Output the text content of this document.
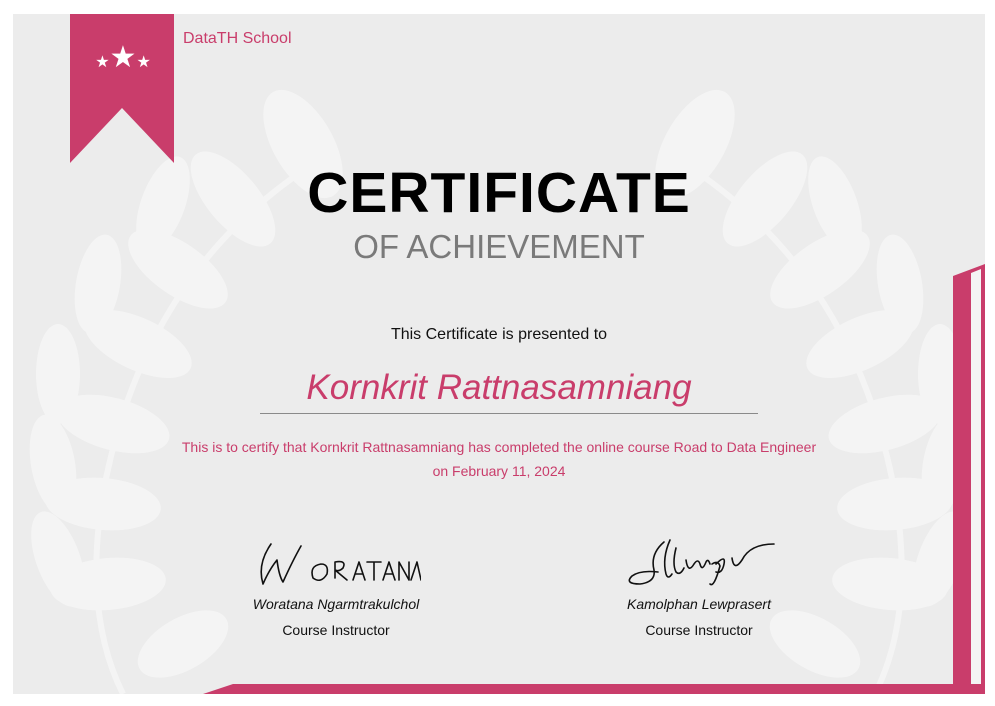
★★★
DataTH School
CERTIFICATE
OF ACHIEVEMENT
This Certificate is presented to
Kornkrit Rattnasamniang
This is to certify that Kornkrit Rattnasamniang has completed the online course Road to Data Engineer
on February 11, 2024
Woratana Ngarmtrakulchol
Course Instructor
Kamolphan Lewprasert
Course Instructor
